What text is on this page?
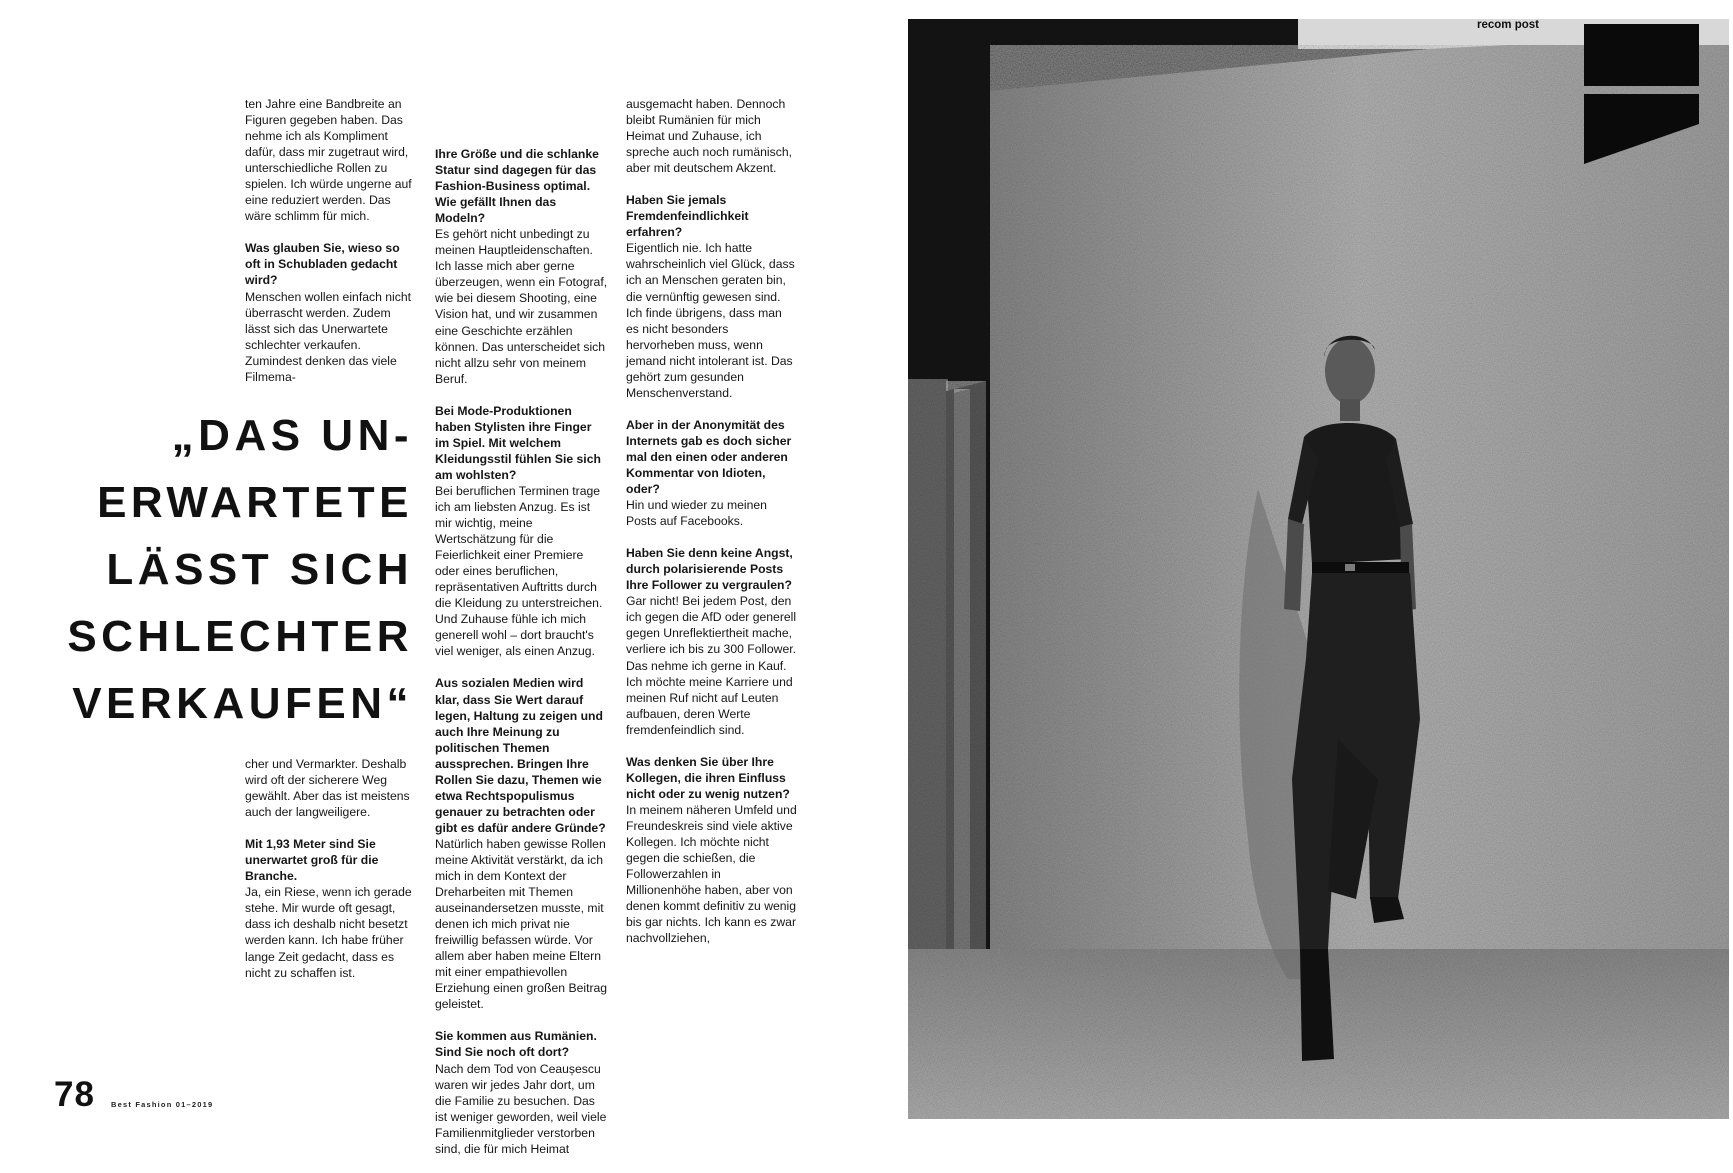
ten Jahre eine Bandbreite an Figuren gegeben haben. Das nehme ich als Kompliment dafür, dass mir zugetraut wird, unterschiedliche Rollen zu spielen. Ich würde ungerne auf eine reduziert werden. Das wäre schlimm für mich.

Was glauben Sie, wieso so oft in Schubladen gedacht wird?
Menschen wollen einfach nicht überrascht werden. Zudem lässt sich das Unerwartete schlechter verkaufen. Zumindest denken das viele Filmema-

„DAS UN-
ERWARTETE
LÄSST SICH
SCHLECHTER
VERKAUFEN“

cher und Vermarkter. Deshalb wird oft der sicherere Weg gewählt. Aber das ist meistens auch der langweiligere.

Mit 1,93 Meter sind Sie unerwartet groß für die Branche.
Ja, ein Riese, wenn ich gerade stehe. Mir wurde oft gesagt, dass ich deshalb nicht besetzt werden kann. Ich habe früher lange Zeit gedacht, dass es nicht zu schaffen ist.

Ihre Größe und die schlanke Statur sind dagegen für das Fashion-Business optimal. Wie gefällt Ihnen das Modeln?
Es gehört nicht unbedingt zu meinen Hauptleidenschaften. Ich lasse mich aber gerne überzeugen, wenn ein Fotograf, wie bei diesem Shooting, eine Vision hat, und wir zusammen eine Geschichte erzählen können. Das unterscheidet sich nicht allzu sehr von meinem Beruf.

Bei Mode-Produktionen haben Stylisten ihre Finger im Spiel. Mit welchem Kleidungsstil fühlen Sie sich am wohlsten?
Bei beruflichen Terminen trage ich am liebsten Anzug. Es ist mir wichtig, meine Wertschätzung für die Feierlichkeit einer Premiere oder eines beruflichen, repräsentativen Auftritts durch die Kleidung zu unterstreichen. Und Zuhause fühle ich mich generell wohl – dort braucht's viel weniger, als einen Anzug.

Aus sozialen Medien wird klar, dass Sie Wert darauf legen, Haltung zu zeigen und auch Ihre Meinung zu politischen Themen aussprechen. Bringen Ihre Rollen Sie dazu, Themen wie etwa Rechtspopulismus genauer zu betrachten oder gibt es dafür andere Gründe?
Natürlich haben gewisse Rollen meine Aktivität verstärkt, da ich mich in dem Kontext der Dreharbeiten mit Themen auseinandersetzen musste, mit denen ich mich privat nie freiwillig befassen würde. Vor allem aber haben meine Eltern mit einer empathievollen Erziehung einen großen Beitrag geleistet.

Sie kommen aus Rumänien. Sind Sie noch oft dort?
Nach dem Tod von Ceaușescu waren wir jedes Jahr dort, um die Familie zu besuchen. Das ist weniger geworden, weil viele Familienmitglieder verstorben sind, die für mich Heimat

ausgemacht haben. Dennoch bleibt Rumänien für mich Heimat und Zuhause, ich spreche auch noch rumänisch, aber mit deutschem Akzent.

Haben Sie jemals Fremdenfeindlichkeit erfahren?
Eigentlich nie. Ich hatte wahrscheinlich viel Glück, dass ich an Menschen geraten bin, die vernünftig gewesen sind. Ich finde übrigens, dass man es nicht besonders hervorheben muss, wenn jemand nicht intolerant ist. Das gehört zum gesunden Menschenverstand.

Aber in der Anonymität des Internets gab es doch sicher mal den einen oder anderen Kommentar von Idioten, oder?
Hin und wieder zu meinen Posts auf Facebooks.

Haben Sie denn keine Angst, durch polarisierende Posts Ihre Follower zu vergraulen?
Gar nicht! Bei jedem Post, den ich gegen die AfD oder generell gegen Unreflektiertheit mache, verliere ich bis zu 300 Follower. Das nehme ich gerne in Kauf. Ich möchte meine Karriere und meinen Ruf nicht auf Leuten aufbauen, deren Werte fremdenfeindlich sind.

Was denken Sie über Ihre Kollegen, die ihren Einfluss nicht oder zu wenig nutzen?
In meinem näheren Umfeld und Freundeskreis sind viele aktive Kollegen. Ich möchte nicht gegen die schießen, die Followerzahlen in Millionenhöhe haben, aber von denen kommt definitiv zu wenig bis gar nichts. Ich kann es zwar nachvollziehen,

78 Best Fashion 01–2019
recom post
